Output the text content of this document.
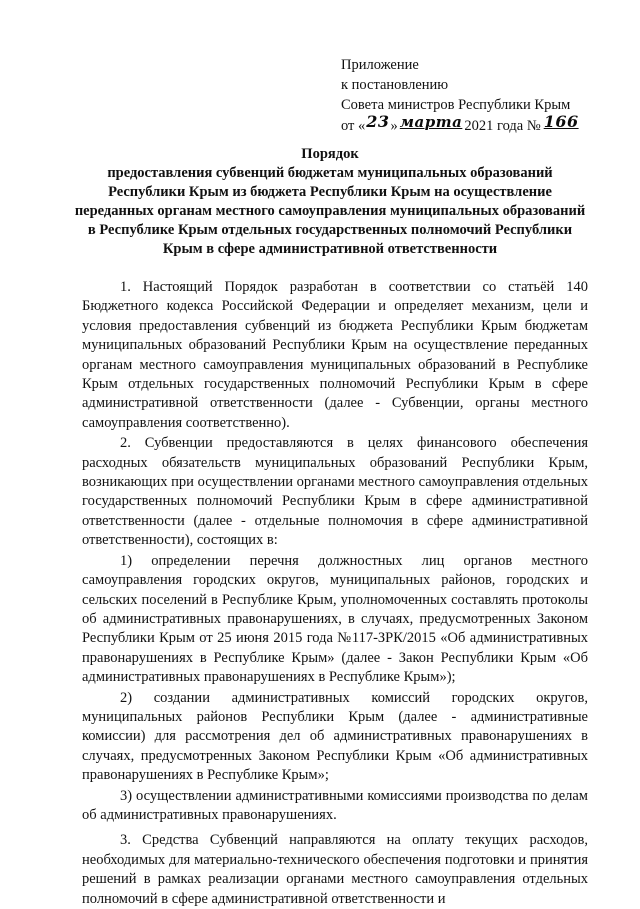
Приложение
к постановлению
Совета министров Республики Крым
от «23» марта 2021 года № 166
Порядок
предоставления субвенций бюджетам муниципальных образований Республики Крым из бюджета Республики Крым на осуществление переданных органам местного самоуправления муниципальных образований в Республике Крым отдельных государственных полномочий Республики Крым в сфере административной ответственности

1. Настоящий Порядок разработан в соответствии со статьёй 140 Бюджетного кодекса Российской Федерации и определяет механизм, цели и условия предоставления субвенций из бюджета Республики Крым бюджетам муниципальных образований Республики Крым на осуществление переданных органам местного самоуправления муниципальных образований в Республике Крым отдельных государственных полномочий Республики Крым в сфере административной ответственности (далее - Субвенции, органы местного самоуправления соответственно).

2. Субвенции предоставляются в целях финансового обеспечения расходных обязательств муниципальных образований Республики Крым, возникающих при осуществлении органами местного самоуправления отдельных государственных полномочий Республики Крым в сфере административной ответственности (далее - отдельные полномочия в сфере административной ответственности), состоящих в:

1) определении перечня должностных лиц органов местного самоуправления городских округов, муниципальных районов, городских и сельских поселений в Республике Крым, уполномоченных составлять протоколы об административных правонарушениях, в случаях, предусмотренных Законом Республики Крым от 25 июня 2015 года №117-ЗРК/2015 «Об административных правонарушениях в Республике Крым» (далее - Закон Республики Крым «Об административных правонарушениях в Республике Крым»);

2) создании административных комиссий городских округов, муниципальных районов Республики Крым (далее - административные комиссии) для рассмотрения дел об административных правонарушениях в случаях, предусмотренных Законом Республики Крым «Об административных правонарушениях в Республике Крым»;

3) осуществлении административными комиссиями производства по делам об административных правонарушениях.

3. Средства Субвенций направляются на оплату текущих расходов, необходимых для материально-технического обеспечения подготовки и принятия решений в рамках реализации органами местного самоуправления отдельных полномочий в сфере административной ответственности и
